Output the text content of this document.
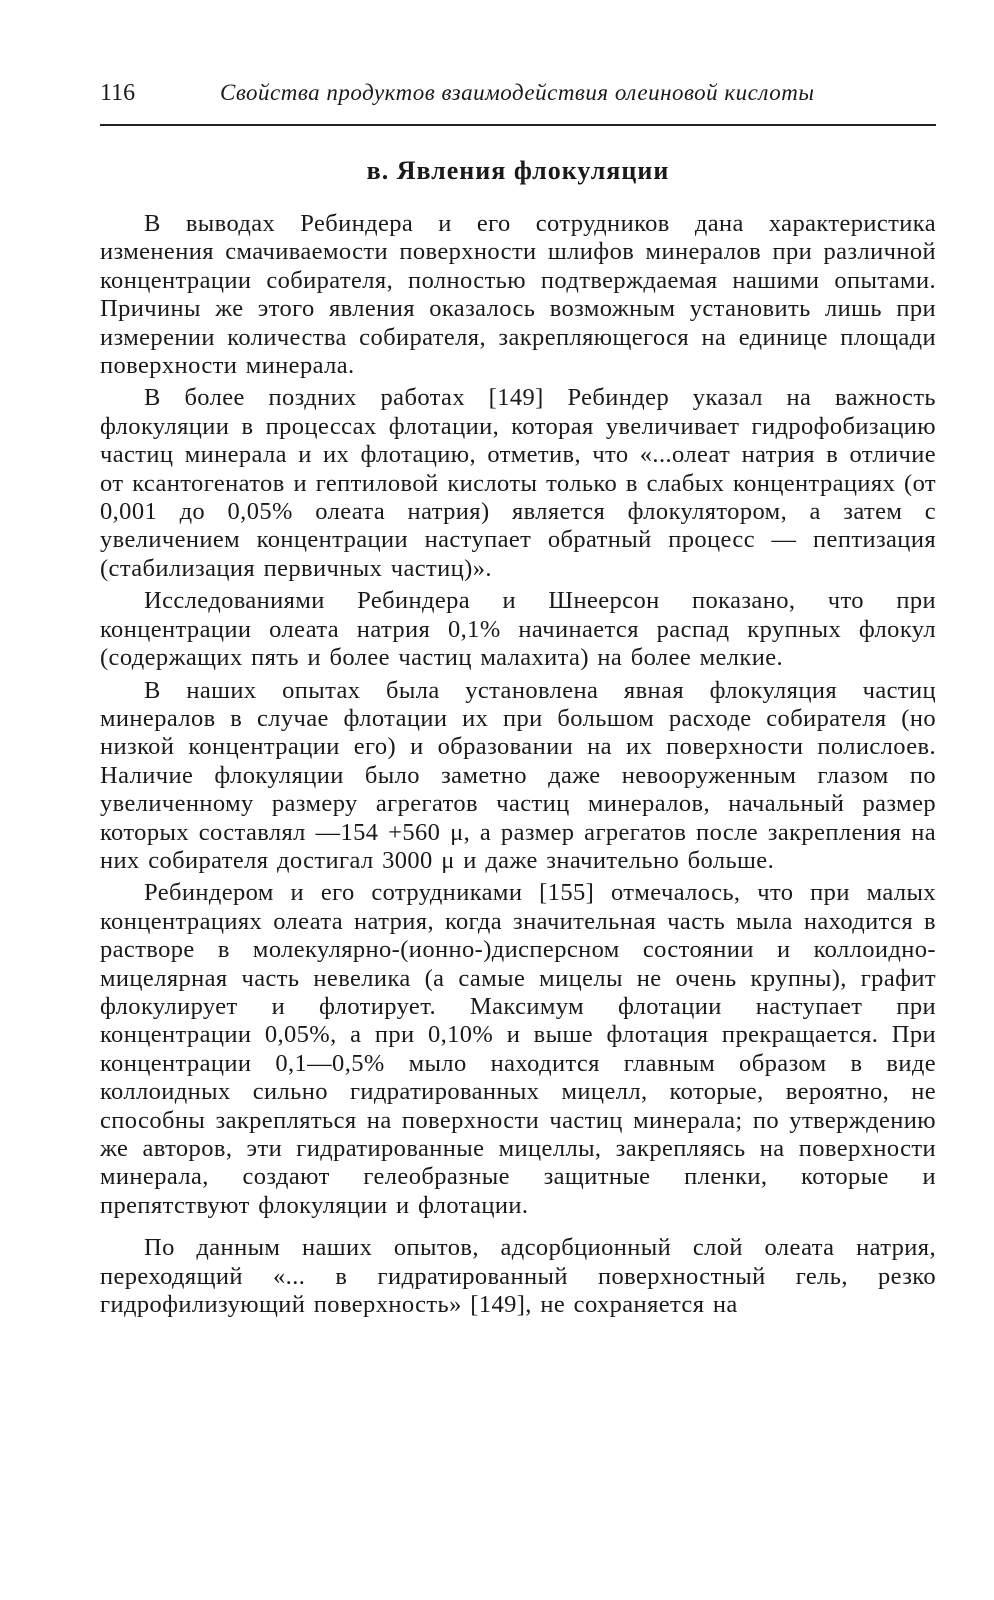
116	Свойства продуктов взаимодействия олеиновой кислоты
в. Явления флокуляции

В выводах Ребиндера и его сотрудников дана характеристика изменения смачиваемости поверхности шлифов минералов при различной концентрации собирателя, полностью подтверждаемая нашими опытами. Причины же этого явления оказалось возможным установить лишь при измерении количества собирателя, закрепляющегося на единице площади поверхности минерала.

В более поздних работах [149] Ребиндер указал на важность флокуляции в процессах флотации, которая увеличивает гидрофобизацию частиц минерала и их флотацию, отметив, что «...олеат натрия в отличие от ксантогенатов и гептиловой кислоты только в слабых концентрациях (от 0,001 до 0,05% олеата натрия) является флокулятором, а затем с увеличением концентрации наступает обратный процесс — пептизация (стабилизация первичных частиц)».

Исследованиями Ребиндера и Шнеерсон показано, что при концентрации олеата натрия 0,1% начинается распад крупных флокул (содержащих пять и более частиц малахита) на более мелкие.

В наших опытах была установлена явная флокуляция частиц минералов в случае флотации их при большом расходе собирателя (но низкой концентрации его) и образовании на их поверхности полислоев. Наличие флокуляции было заметно даже невооруженным глазом по увеличенному размеру агрегатов частиц минералов, начальный размер которых составлял —154 +560 μ, а размер агрегатов после закрепления на них собирателя достигал 3000 μ и даже значительно больше.

Ребиндером и его сотрудниками [155] отмечалось, что при малых концентрациях олеата натрия, когда значительная часть мыла находится в растворе в молекулярно-(ионно-)дисперсном состоянии и коллоидно-мицелярная часть невелика (а самые мицелы не очень крупны), графит флокулирует и флотирует. Максимум флотации наступает при концентрации 0,05%, а при 0,10% и выше флотация прекращается. При концентрации 0,1—0,5% мыло находится главным образом в виде коллоидных сильно гидратированных мицелл, которые, вероятно, не способны закрепляться на поверхности частиц минерала; по утверждению же авторов, эти гидратированные мицеллы, закрепляясь на поверхности минерала, создают гелеобразные защитные пленки, которые и препятствуют флокуляции и флотации.

По данным наших опытов, адсорбционный слой олеата натрия, переходящий «... в гидратированный поверхностный гель, резко гидрофилизующий поверхность» [149], не сохраняется на
